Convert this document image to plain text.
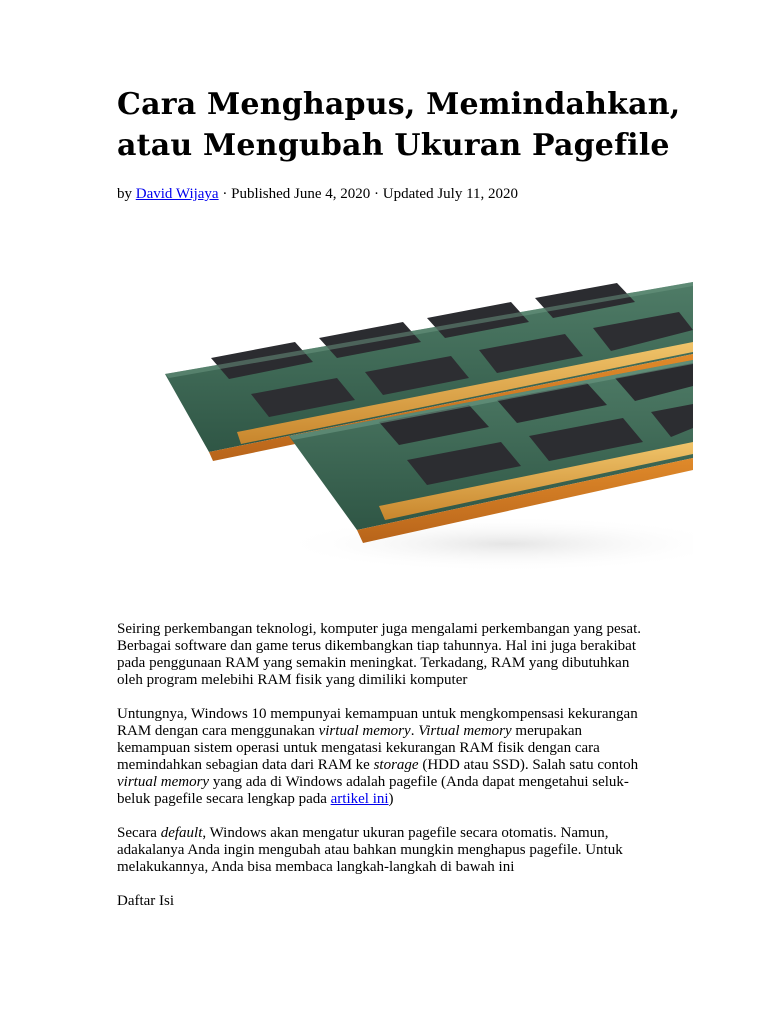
Cara Menghapus, Memindahkan, atau Mengubah Ukuran Pagefile
by David Wijaya · Published June 4, 2020 · Updated July 11, 2020

Seiring perkembangan teknologi, komputer juga mengalami perkembangan yang pesat. Berbagai software dan game terus dikembangkan tiap tahunnya. Hal ini juga berakibat pada penggunaan RAM yang semakin meningkat. Terkadang, RAM yang dibutuhkan oleh program melebihi RAM fisik yang dimiliki komputer

Untungnya, Windows 10 mempunyai kemampuan untuk mengkompensasi kekurangan RAM dengan cara menggunakan virtual memory. Virtual memory merupakan kemampuan sistem operasi untuk mengatasi kekurangan RAM fisik dengan cara memindahkan sebagian data dari RAM ke storage (HDD atau SSD). Salah satu contoh virtual memory yang ada di Windows adalah pagefile (Anda dapat mengetahui seluk-beluk pagefile secara lengkap pada artikel ini)

Secara default, Windows akan mengatur ukuran pagefile secara otomatis. Namun, adakalanya Anda ingin mengubah atau bahkan mungkin menghapus pagefile. Untuk melakukannya, Anda bisa membaca langkah-langkah di bawah ini

Daftar Isi
